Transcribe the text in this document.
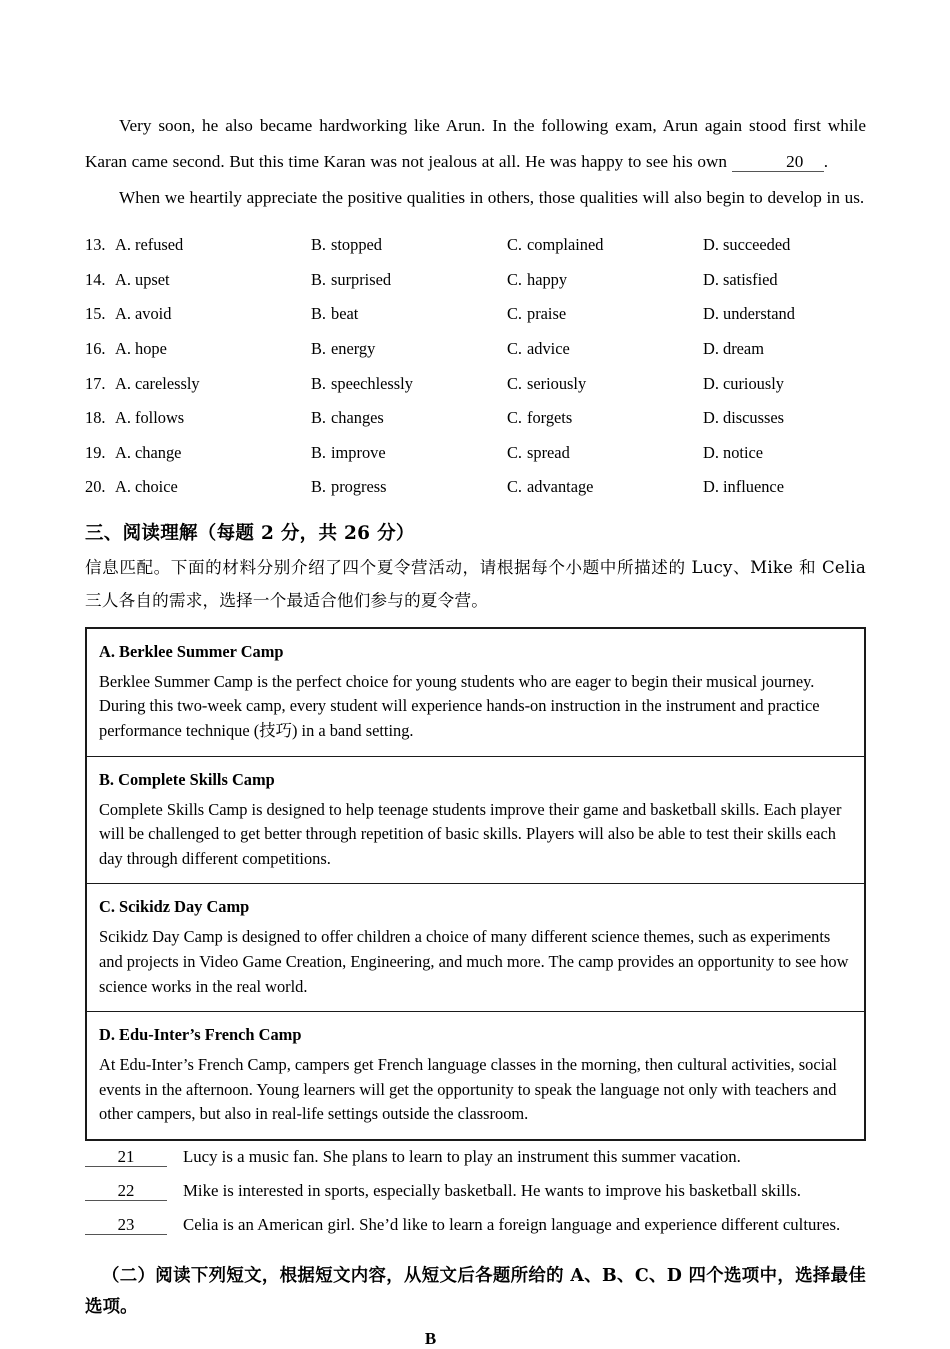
Very soon, he also became hardworking like Arun. In the following exam, Arun again stood first while Karan came second. But this time Karan was not jealous at all. He was happy to see his own	20 .

When we heartily appreciate the positive qualities in others, those qualities will also begin to develop in us.

13. A. refused	B. stopped	C. complained	D. succeeded
14. A. upset	B. surprised	C. happy	D. satisfied
15. A. avoid	B. beat	C. praise	D. understand
16. A. hope	B. energy	C. advice	D. dream
17. A. carelessly	B. speechlessly	C. seriously	D. curiously
18. A. follows	B. changes	C. forgets	D. discusses
19. A. change	B. improve	C. spread	D. notice
20. A. choice	B. progress	C. advantage	D. influence
三、阅读理解（每题 2 分，共 26 分）
信息匹配。下面的材料分别介绍了四个夏令营活动，请根据每个小题中所描述的 Lucy、Mike 和 Celia 三人各自的需求，选择一个最适合他们参与的夏令营。
A. Berklee Summer Camp
Berklee Summer Camp is the perfect choice for young students who are eager to begin their musical journey. During this two-week camp, every student will experience hands-on instruction in the instrument and practice performance technique (技巧) in a band setting.
B. Complete Skills Camp
Complete Skills Camp is designed to help teenage students improve their game and basketball skills. Each player will be challenged to get better through repetition of basic skills. Players will also be able to test their skills each day through different competitions.
C. Scikidz Day Camp
Scikidz Day Camp is designed to offer children a choice of many different science themes, such as experiments and projects in Video Game Creation, Engineering, and much more. The camp provides an opportunity to see how science works in the real world.
D. Edu-Inter’s French Camp
At Edu-Inter’s French Camp, campers get French language classes in the morning, then cultural activities, social events in the afternoon. Young learners will get the opportunity to speak the language not only with teachers and other campers, but also in real-life settings outside the classroom.
21	Lucy is a music fan. She plans to learn to play an instrument this summer vacation.
22	Mike is interested in sports, especially basketball. He wants to improve his basketball skills.
23	Celia is an American girl. She’d like to learn a foreign language and experience different cultures.
（二）阅读下列短文，根据短文内容，从短文后各题所给的 A、B、C、D 四个选项中，选择最佳选项。
B
